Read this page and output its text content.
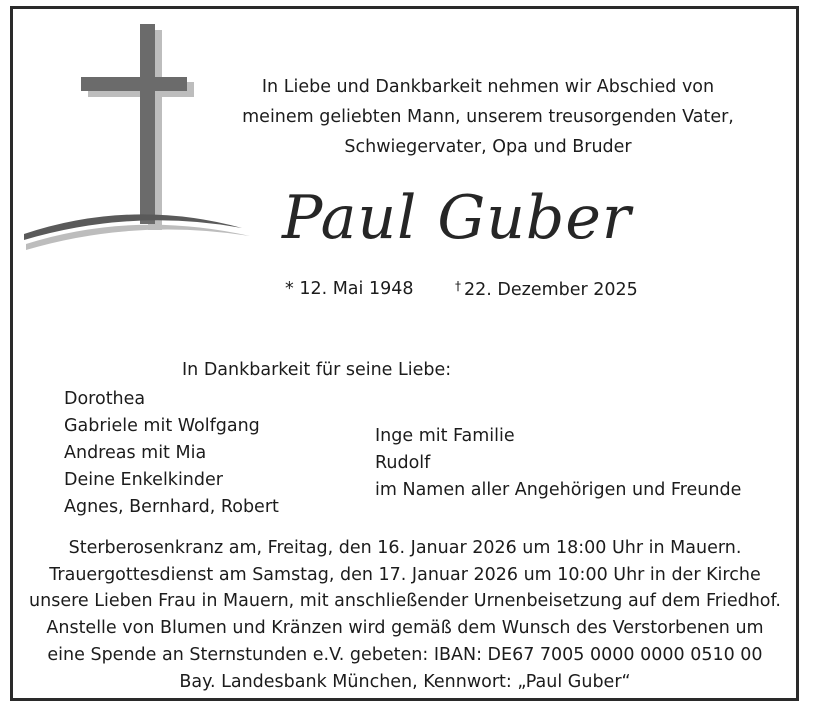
In Liebe und Dankbarkeit nehmen wir Abschied von
meinem geliebten Mann, unserem treusorgenden Vater,
Schwiegervater, Opa und Bruder
Paul Guber
* 12. Mai 1948	† 22. Dezember 2025
In Dankbarkeit für seine Liebe:
Dorothea
Gabriele mit Wolfgang
Andreas mit Mia
Deine Enkelkinder
Agnes, Bernhard, Robert
Inge mit Familie
Rudolf
im Namen aller Angehörigen und Freunde
Sterberosenkranz am, Freitag, den 16. Januar 2026 um 18:00 Uhr in Mauern.
Trauergottesdienst am Samstag, den 17. Januar 2026 um 10:00 Uhr in der Kirche
unsere Lieben Frau in Mauern, mit anschließender Urnenbeisetzung auf dem Friedhof.
Anstelle von Blumen und Kränzen wird gemäß dem Wunsch des Verstorbenen um
eine Spende an Sternstunden e.V. gebeten: IBAN: DE67 7005 0000 0000 0510 00
Bay. Landesbank München, Kennwort: „Paul Guber“
